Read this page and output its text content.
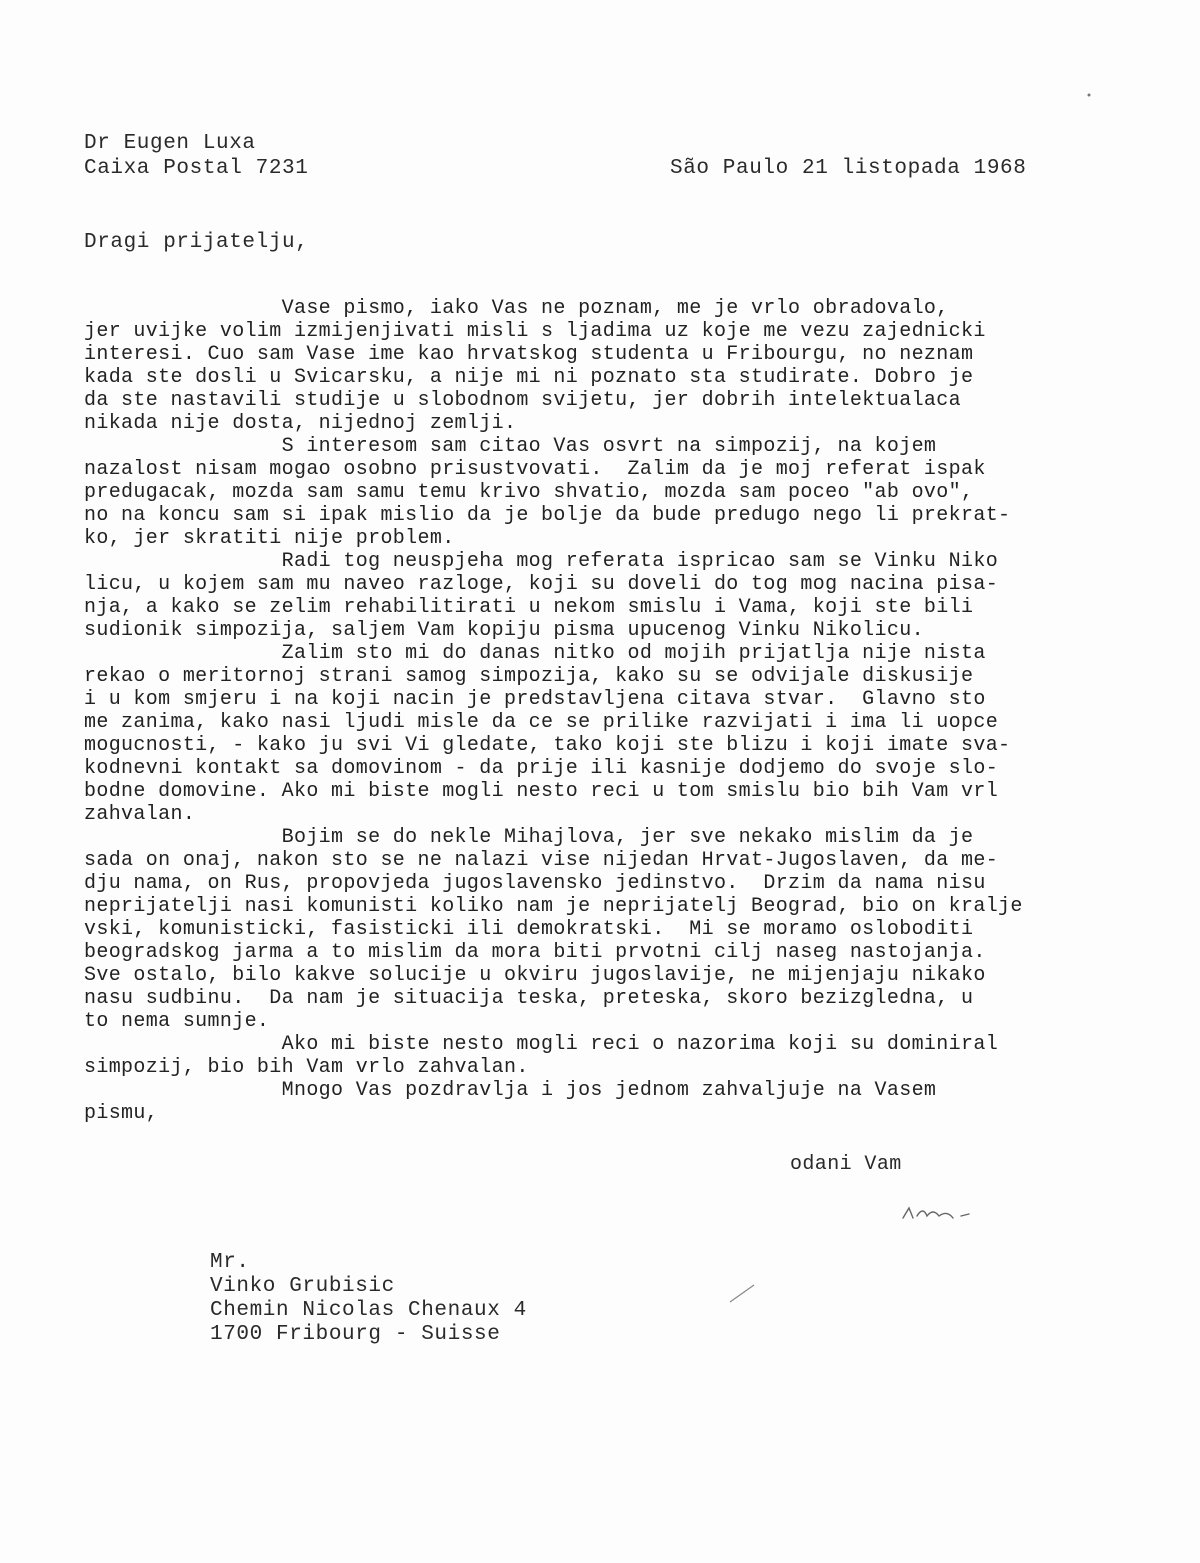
Dr Eugen Luxa
Caixa Postal 7231	São Paulo 21 listopada 1968
Dragi prijatelju,
Vase pismo, iako Vas ne poznam, me je vrlo obradovalo,
jer uvijke volim izmijenjivati misli s ljadima uz koje me vezu zajednicki
interesi. Cuo sam Vase ime kao hrvatskog studenta u Fribourgu, no neznam
kada ste dosli u Svicarsku, a nije mi ni poznato sta studirate. Dobro je
da ste nastavili studije u slobodnom svijetu, jer dobrih intelektualaca
nikada nije dosta, nijednoj zemlji.
S interesom sam citao Vas osvrt na simpozij, na kojem
nazalost nisam mogao osobno prisustvovati.  Zalim da je moj referat ispak
predugacak, mozda sam samu temu krivo shvatio, mozda sam poceo "ab ovo",
no na koncu sam si ipak mislio da je bolje da bude predugo nego li prekrat-
ko, jer skratiti nije problem.
Radi tog neuspjeha mog referata ispricao sam se Vinku Niko
licu, u kojem sam mu naveo razloge, koji su doveli do tog mog nacina pisa-
nja, a kako se zelim rehabilitirati u nekom smislu i Vama, koji ste bili
sudionik simpozija, saljem Vam kopiju pisma upucenog Vinku Nikolicu.
Zalim sto mi do danas nitko od mojih prijatlja nije nista
rekao o meritornoj strani samog simpozija, kako su se odvijale diskusije
i u kom smjeru i na koji nacin je predstavljena citava stvar.  Glavno sto
me zanima, kako nasi ljudi misle da ce se prilike razvijati i ima li uopce
mogucnosti, - kako ju svi Vi gledate, tako koji ste blizu i koji imate sva-
kodnevni kontakt sa domovinom - da prije ili kasnije dodjemo do svoje slo-
bodne domovine. Ako mi biste mogli nesto reci u tom smislu bio bih Vam vrl
zahvalan.
Bojim se do nekle Mihajlova, jer sve nekako mislim da je
sada on onaj, nakon sto se ne nalazi vise nijedan Hrvat-Jugoslaven, da me-
dju nama, on Rus, propovjeda jugoslavensko jedinstvo.  Drzim da nama nisu
neprijatelji nasi komunisti koliko nam je neprijatelj Beograd, bio on kralje
vski, komunisticki, fasisticki ili demokratski.  Mi se moramo osloboditi
beogradskog jarma a to mislim da mora biti prvotni cilj naseg nastojanja.
Sve ostalo, bilo kakve solucije u okviru jugoslavije, ne mijenjaju nikako
nasu sudbinu.  Da nam je situacija teska, preteska, skoro bezizgledna, u
to nema sumnje.
Ako mi biste nesto mogli reci o nazorima koji su dominiral
simpozij, bio bih Vam vrlo zahvalan.
Mnogo Vas pozdravlja i jos jednom zahvaljuje na Vasem
pismu,
odani Vam
Mr.
Vinko Grubisic
Chemin Nicolas Chenaux 4
1700 Fribourg - Suisse
